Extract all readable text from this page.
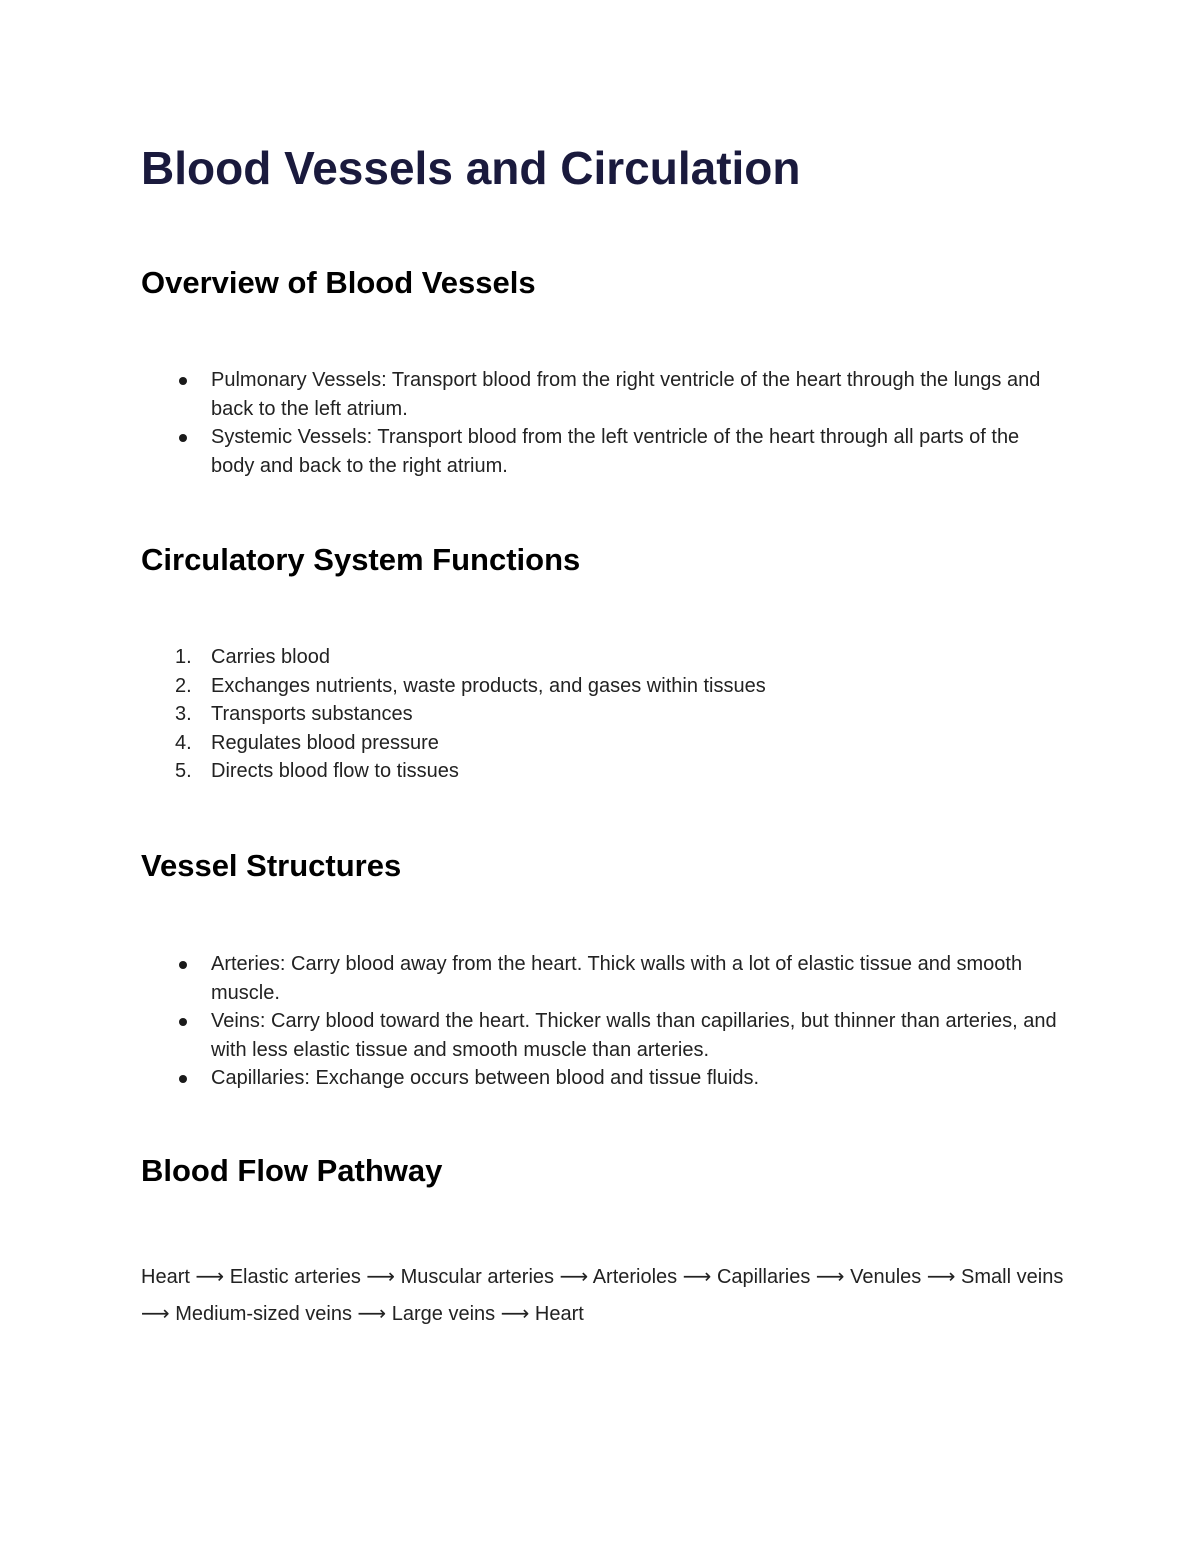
Blood Vessels and Circulation
Overview of Blood Vessels
Pulmonary Vessels: Transport blood from the right ventricle of the heart through the lungs and back to the left atrium.
Systemic Vessels: Transport blood from the left ventricle of the heart through all parts of the body and back to the right atrium.
Circulatory System Functions
1. Carries blood
2. Exchanges nutrients, waste products, and gases within tissues
3. Transports substances
4. Regulates blood pressure
5. Directs blood flow to tissues
Vessel Structures
Arteries: Carry blood away from the heart. Thick walls with a lot of elastic tissue and smooth muscle.
Veins: Carry blood toward the heart. Thicker walls than capillaries, but thinner than arteries, and with less elastic tissue and smooth muscle than arteries.
Capillaries: Exchange occurs between blood and tissue fluids.
Blood Flow Pathway

Heart ⟶ Elastic arteries ⟶ Muscular arteries ⟶ Arterioles ⟶ Capillaries ⟶ Venules ⟶ Small veins ⟶ Medium-sized veins ⟶ Large veins ⟶ Heart
